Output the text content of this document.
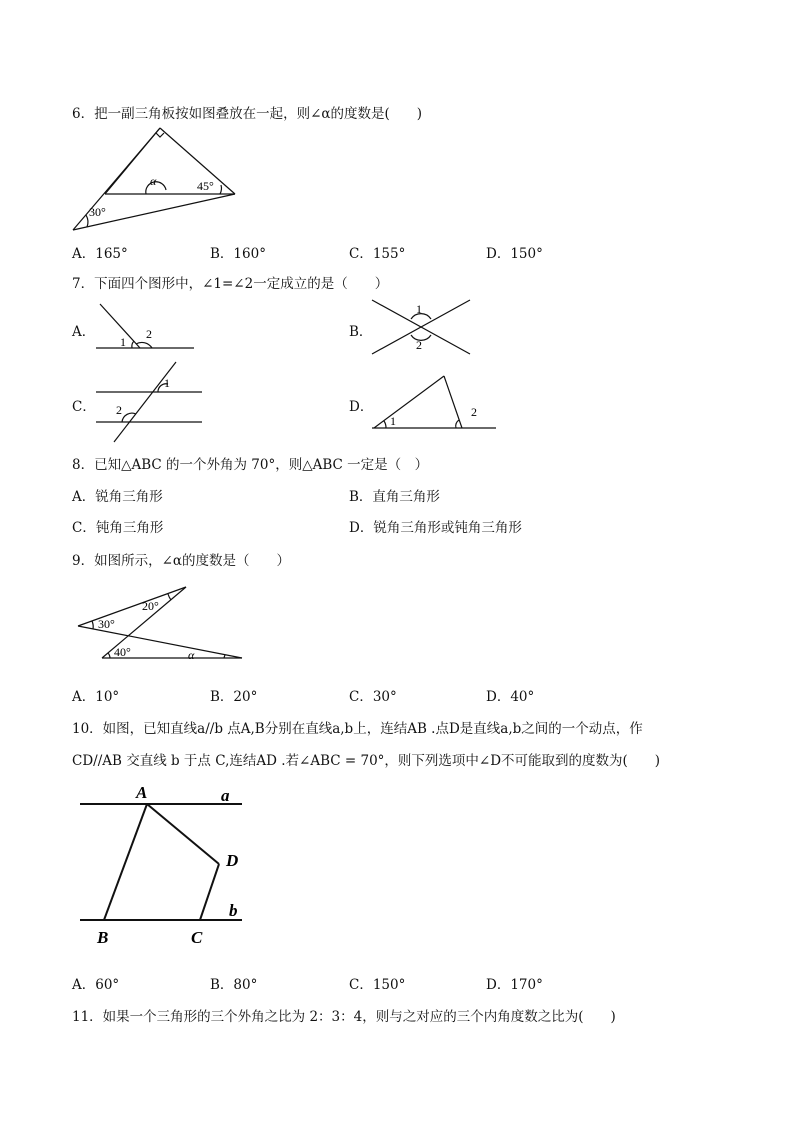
6．把一副三角板按如图叠放在一起，则∠α的度数是(　　)
α	45°
30°
A．165°	B．160°	C．155°	D．150°
7．下面四个图形中，∠1=∠2一定成立的是（　　）
A．
1
2	B．
1
2
C．
1
2	D．
1
2
8．已知△ABC 的一个外角为 70°，则△ABC 一定是（　）
A．锐角三角形	B．直角三角形
C．钝角三角形	D．锐角三角形或钝角三角形
9．如图所示，∠α的度数是（　　）
30°
20°
40°	α
A．10°	B．20°	C．30°	D．40°
10．如图，已知直线a//b 点A,B分别在直线a,b上，连结AB .点D是直线a,b之间的一个动点，作
CD//AB 交直线 b 于点 C,连结AD .若∠ABC = 70°，则下列选项中∠D不可能取到的度数为(　　)
A	a
D
b
B	C
A．60°	B．80°	C．150°	D．170°
11．如果一个三角形的三个外角之比为 2：3：4，则与之对应的三个内角度数之比为(　　)
